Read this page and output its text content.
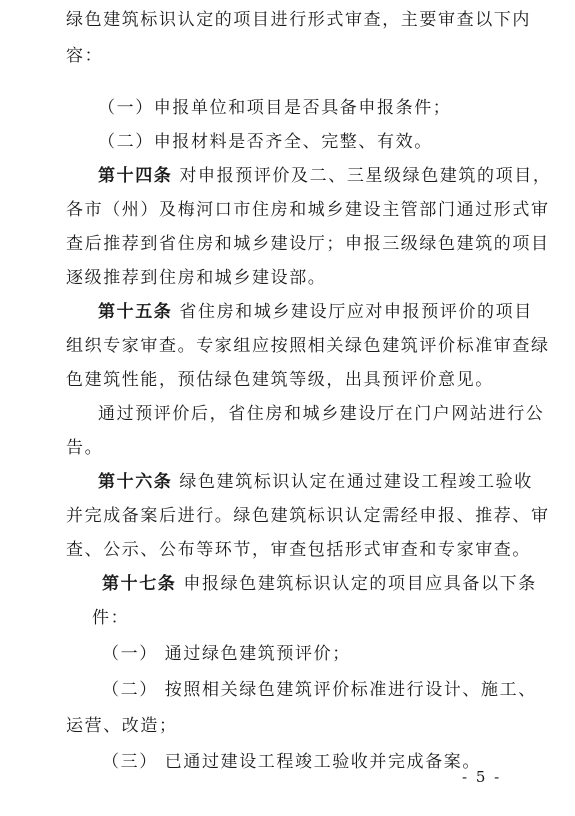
绿色建筑标识认定的项目进行形式审查，主要审查以下内
容：
（一）申报单位和项目是否具备申报条件；
（二）申报材料是否齐全、完整、有效。
第十四条 对申报预评价及二、三星级绿色建筑的项目，
各市（州）及梅河口市住房和城乡建设主管部门通过形式审
查后推荐到省住房和城乡建设厅；申报三级绿色建筑的项目
逐级推荐到住房和城乡建设部。
第十五条 省住房和城乡建设厅应对申报预评价的项目
组织专家审查。专家组应按照相关绿色建筑评价标准审查绿
色建筑性能，预估绿色建筑等级，出具预评价意见。
通过预评价后，省住房和城乡建设厅在门户网站进行公
告。
第十六条 绿色建筑标识认定在通过建设工程竣工验收
并完成备案后进行。绿色建筑标识认定需经申报、推荐、审
查、公示、公布等环节，审查包括形式审查和专家审查。
第十七条 申报绿色建筑标识认定的项目应具备以下条
件：
（一） 通过绿色建筑预评价；
（二） 按照相关绿色建筑评价标准进行设计、施工、
运营、改造；
（三） 已通过建设工程竣工验收并完成备案。
- 5 -
